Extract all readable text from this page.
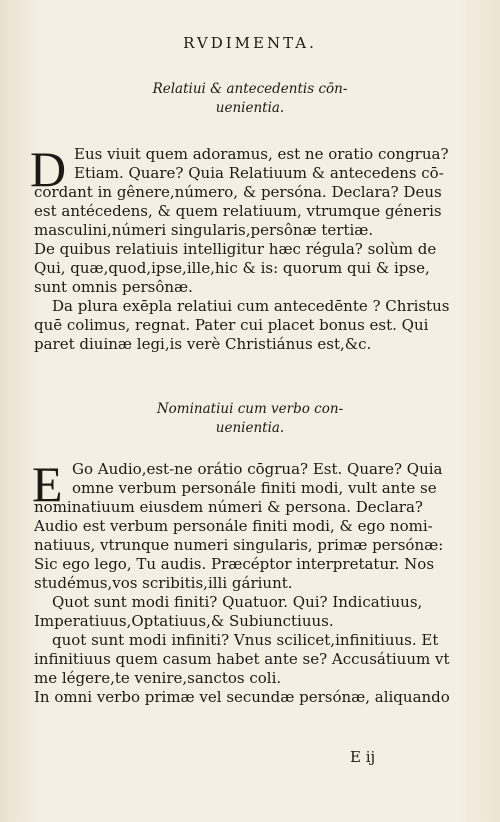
RVDIMENTA.
Relatiui & antecedentis cōn-
uenientia.
D Eus viuit quem adoramus, est ne oratio congrua?
Etiam. Quare? Quia Relatiuum & antecedens cō-
cordant in gênere,número, & persóna. Declara? Deus
est antécedens, & quem relatiuum, vtrumque géneris
masculini,númeri singularis,persônæ tertiæ.
De quibus relatiuis intelligitur hæc régula? solùm de
Qui, quæ,quod,ipse,ille,hic & is: quorum qui & ipse,
sunt omnis persônæ.
Da plura exēpla relatiui cum antecedēnte ? Christus
quē colimus, regnat. Pater cui placet bonus est. Qui
paret diuinæ legi,is verè Christiánus est,&c.
Nominatiui cum verbo con-
uenientia.
E Go Audio,est-ne orátio cōgrua? Est. Quare? Quia
omne verbum personále finiti modi, vult ante se
nominatiuum eiusdem númeri & persona. Declara?
Audio est verbum personále finiti modi, & ego nomi-
natiuus, vtrunque numeri singularis, primæ persónæ:
Sic ego lego, Tu audis. Præcéptor interpretatur. Nos
studémus,vos scribitis,illi gáriunt.
Quot sunt modi finiti? Quatuor. Qui? Indicatiuus,
Imperatiuus,Optatiuus,& Subiunctiuus.
quot sunt modi infiniti? Vnus scilicet,infinitiuus. Et
infinitiuus quem casum habet ante se? Accusátiuum vt
me légere,te venire,sanctos coli.
In omni verbo primæ vel secundæ persónæ, aliquando
E ij
